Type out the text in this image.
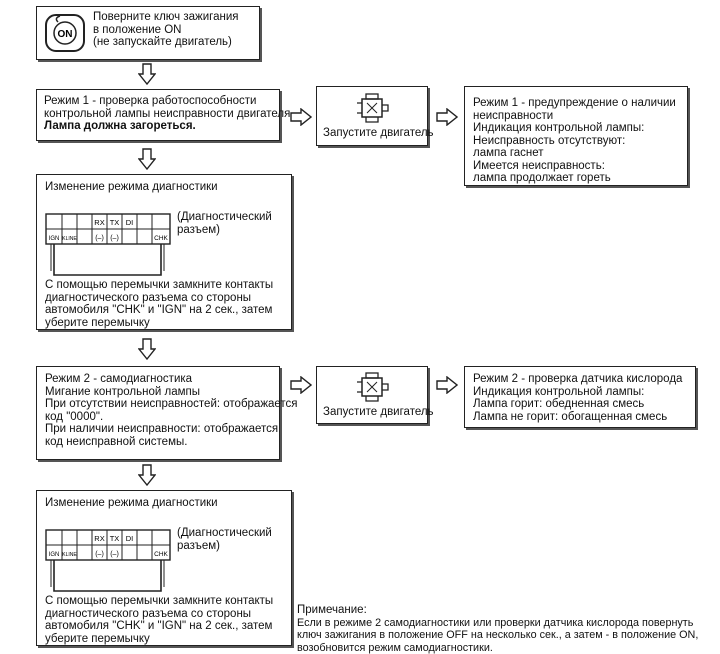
ON
Поверните ключ зажигания
в положение ON
(не запускайте двигатель)
Режим 1 - проверка работоспособности
контрольной лампы неисправности двигателя
Лампа должна загореться.
Запустите двигатель
Режим 1 - предупреждение о наличии
неисправности
Индикация контрольной лампы:
Неисправность отсутствуют:
лампа гаснет
Имеется неисправность:
лампа продолжает гореть
Изменение режима диагностики
RX TX DI
IGN KLINE	(–) (–)	CHK
(Диагностический
разъем)
С помощью перемычки замкните контакты
диагностического разъема со стороны
автомобиля "CHK" и "IGN" на 2 сек., затем
уберите перемычку
Режим 2 - самодиагностика
Мигание контрольной лампы
При отсутствии неисправностей: отображается
код "0000".
При наличии неисправности: отображается
код неисправной системы.
Запустите двигатель
Режим 2 - проверка датчика кислорода
Индикация контрольной лампы:
Лампа горит: обедненная смесь
Лампа не горит: обогащенная смесь
Изменение режима диагностики
RX TX DI
IGN KLINE	(–) (–)	CHK
(Диагностический
разъем)
С помощью перемычки замкните контакты
диагностического разъема со стороны
автомобиля "CHK" и "IGN" на 2 сек., затем
уберите перемычку
Примечание:
Если в режиме 2 самодиагностики или проверки датчика кислорода повернуть
ключ зажигания в положение OFF на несколько сек., а затем - в положение ON,
возобновится режим самодиагностики.
